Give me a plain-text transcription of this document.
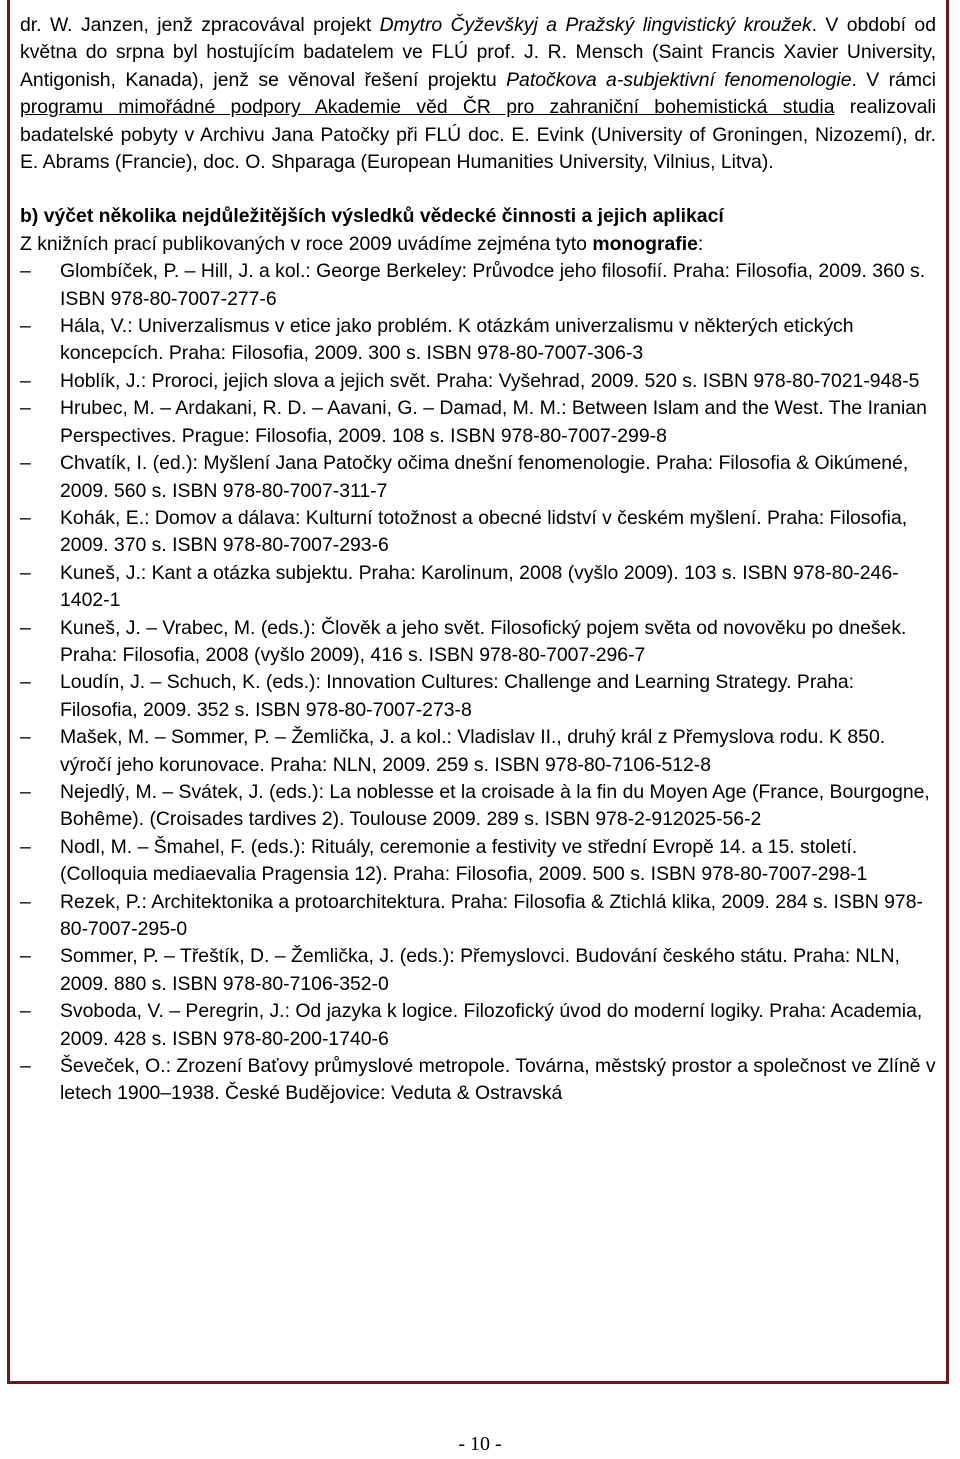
dr. W. Janzen, jenž zpracovával projekt Dmytro Čyževškyj a Pražský lingvistický kroužek. V období od května do srpna byl hostujícím badatelem ve FLÚ prof. J. R. Mensch (Saint Francis Xavier University, Antigonish, Kanada), jenž se věnoval řešení projektu Patočkova a-subjektivní fenomenologie. V rámci programu mimořádné podpory Akademie věd ČR pro zahraniční bohemistická studia realizovali badatelské pobyty v Archivu Jana Patočky při FLÚ doc. E. Evink (University of Groningen, Nizozemí), dr. E. Abrams (Francie), doc. O. Shparaga (European Humanities University, Vilnius, Litva).

b) výčet několika nejdůležitějších výsledků vědecké činnosti a jejich aplikací

Z knižních prací publikovaných v roce 2009 uvádíme zejména tyto monografie:

–	Glombíček, P. – Hill, J. a kol.: George Berkeley: Průvodce jeho filosofií. Praha: Filosofia, 2009. 360 s. ISBN 978-80-7007-277-6
–	Hála, V.: Univerzalismus v etice jako problém. K otázkám univerzalismu v některých etických koncepcích. Praha: Filosofia, 2009. 300 s. ISBN 978-80-7007-306-3
–	Hoblík, J.: Proroci, jejich slova a jejich svět. Praha: Vyšehrad, 2009. 520 s. ISBN 978-80-7021-948-5
–	Hrubec, M. – Ardakani, R. D. – Aavani, G. – Damad, M. M.: Between Islam and the West. The Iranian Perspectives. Prague: Filosofia, 2009. 108 s. ISBN 978-80-7007-299-8
–	Chvatík, I. (ed.): Myšlení Jana Patočky očima dnešní fenomenologie. Praha: Filosofia & Oikúmené, 2009. 560 s. ISBN 978-80-7007-311-7
–	Kohák, E.: Domov a dálava: Kulturní totožnost a obecné lidství v českém myšlení. Praha: Filosofia, 2009. 370 s. ISBN 978-80-7007-293-6
–	Kuneš, J.: Kant a otázka subjektu. Praha: Karolinum, 2008 (vyšlo 2009). 103 s. ISBN 978-80-246-1402-1
–	Kuneš, J. – Vrabec, M. (eds.): Člověk a jeho svět. Filosofický pojem světa od novověku po dnešek. Praha: Filosofia, 2008 (vyšlo 2009), 416 s. ISBN 978-80-7007-296-7
–	Loudín, J. – Schuch, K. (eds.): Innovation Cultures: Challenge and Learning Strategy. Praha: Filosofia, 2009. 352 s. ISBN 978-80-7007-273-8
–	Mašek, M. – Sommer, P. – Žemlička, J. a kol.: Vladislav II., druhý král z Přemyslova rodu. K 850. výročí jeho korunovace. Praha: NLN, 2009. 259 s. ISBN 978-80-7106-512-8
–	Nejedlý, M. – Svátek, J. (eds.): La noblesse et la croisade à la fin du Moyen Age (France, Bourgogne, Bohême). (Croisades tardives 2). Toulouse 2009. 289 s. ISBN 978-2-912025-56-2
–	Nodl, M. – Šmahel, F. (eds.): Rituály, ceremonie a festivity ve střední Evropě 14. a 15. století. (Colloquia mediaevalia Pragensia 12). Praha: Filosofia, 2009. 500 s. ISBN 978-80-7007-298-1
–	Rezek, P.: Architektonika a protoarchitektura. Praha: Filosofia & Ztichlá klika, 2009. 284 s. ISBN 978-80-7007-295-0
–	Sommer, P. – Třeštík, D. – Žemlička, J. (eds.): Přemyslovci. Budování českého státu. Praha: NLN, 2009. 880 s. ISBN 978-80-7106-352-0
–	Svoboda, V. – Peregrin, J.: Od jazyka k logice. Filozofický úvod do moderní logiky. Praha: Academia, 2009. 428 s. ISBN 978-80-200-1740-6
–	Ševeček, O.: Zrození Baťovy průmyslové metropole. Továrna, městský prostor a společnost ve Zlíně v letech 1900–1938. České Budějovice: Veduta & Ostravská
- 10 -
